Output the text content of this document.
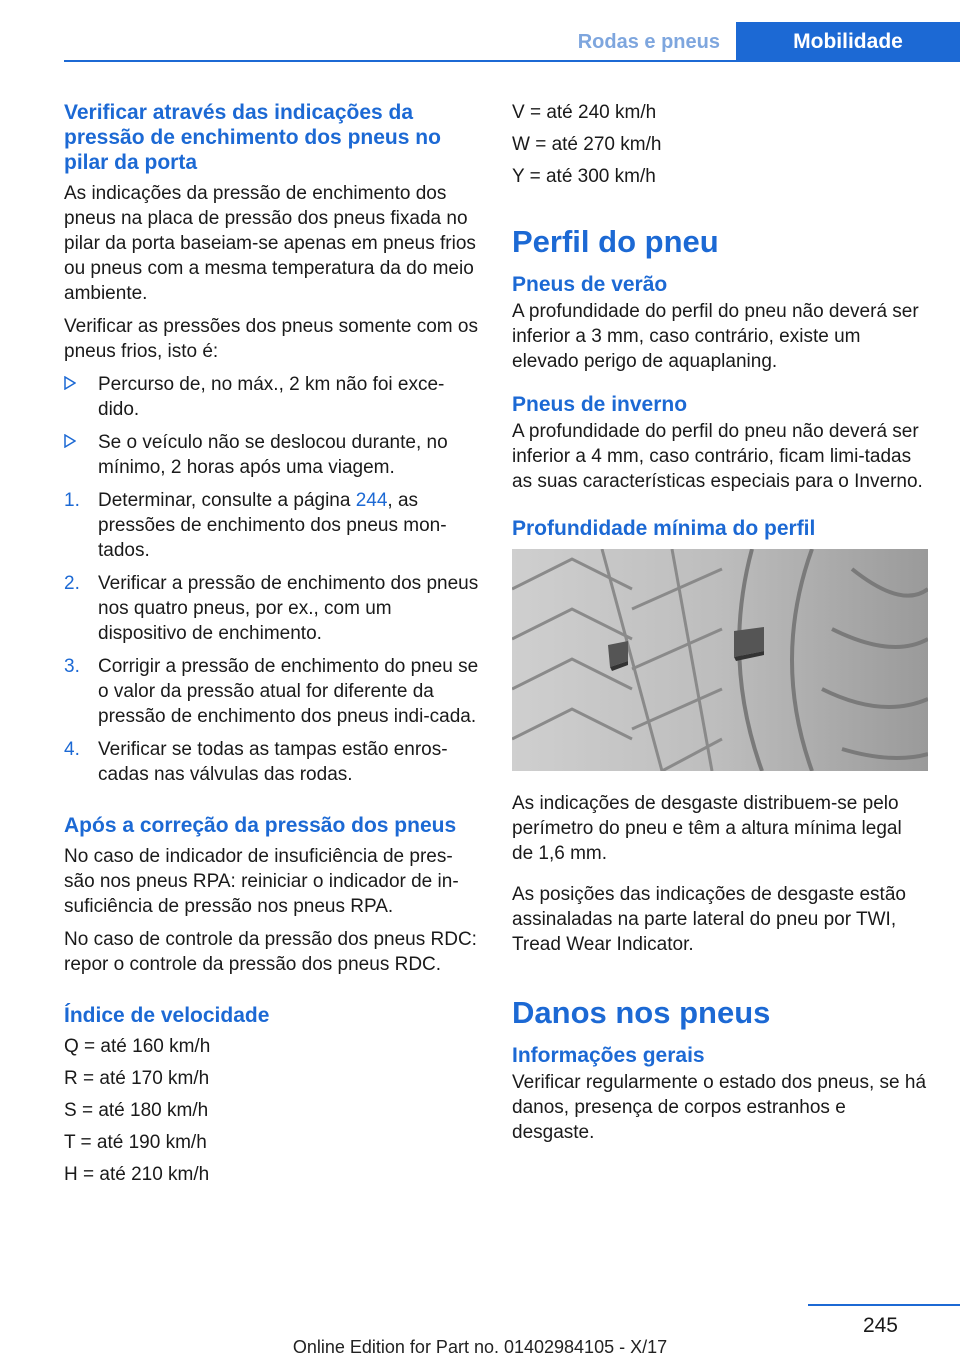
Rodas e pneus	Mobilidade
Verificar através das indicações da pressão de enchimento dos pneus no pilar da porta
As indicações da pressão de enchimento dos pneus na placa de pressão dos pneus fixada no pilar da porta baseiam-se apenas em pneus frios ou pneus com a mesma temperatura da do meio ambiente.
Verificar as pressões dos pneus somente com os pneus frios, isto é:
Percurso de, no máx., 2 km não foi exce-dido.
Se o veículo não se deslocou durante, no mínimo, 2 horas após uma viagem.
1. Determinar, consulte a página 244, as pressões de enchimento dos pneus mon-tados.
2. Verificar a pressão de enchimento dos pneus nos quatro pneus, por ex., com um dispositivo de enchimento.
3. Corrigir a pressão de enchimento do pneu se o valor da pressão atual for diferente da pressão de enchimento dos pneus indi-cada.
4. Verificar se todas as tampas estão enros-cadas nas válvulas das rodas.
Após a correção da pressão dos pneus
No caso de indicador de insuficiência de pres-são nos pneus RPA: reiniciar o indicador de in-suficiência de pressão nos pneus RPA.
No caso de controle da pressão dos pneus RDC: repor o controle da pressão dos pneus RDC.
Índice de velocidade
Q = até 160 km/h
R = até 170 km/h
S = até 180 km/h
T = até 190 km/h
H = até 210 km/h
V = até 240 km/h
W = até 270 km/h
Y = até 300 km/h
Perfil do pneu
Pneus de verão
A profundidade do perfil do pneu não deverá ser inferior a 3 mm, caso contrário, existe um elevado perigo de aquaplaning.
Pneus de inverno
A profundidade do perfil do pneu não deverá ser inferior a 4 mm, caso contrário, ficam limi-tadas as suas características especiais para o Inverno.
Profundidade mínima do perfil
As indicações de desgaste distribuem-se pelo perímetro do pneu e têm a altura mínima legal de 1,6 mm.
As posições das indicações de desgaste estão assinaladas na parte lateral do pneu por TWI, Tread Wear Indicator.
Danos nos pneus
Informações gerais
Verificar regularmente o estado dos pneus, se há danos, presença de corpos estranhos e desgaste.
245
Online Edition for Part no. 01402984105 - X/17
